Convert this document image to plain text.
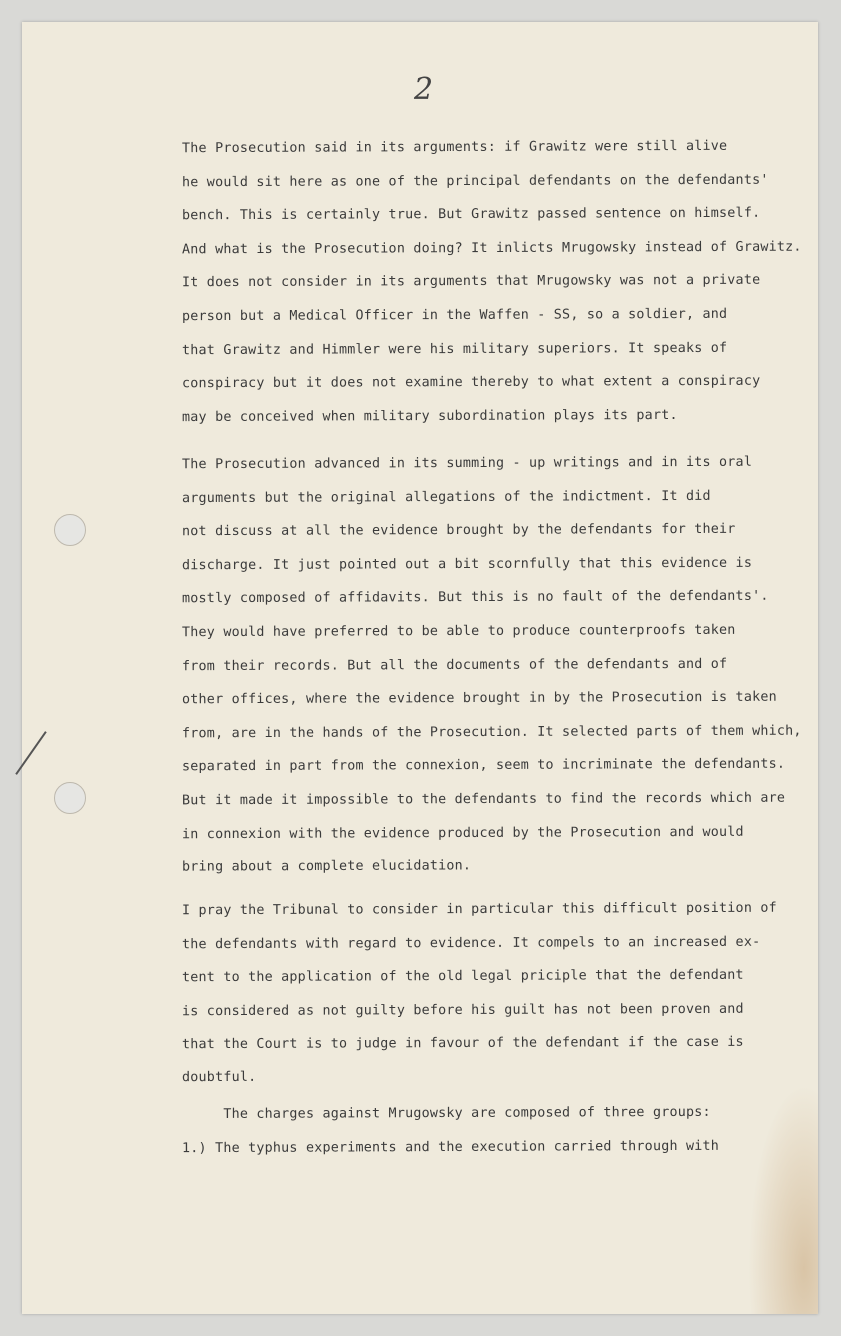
2
The Prosecution said in its arguments: if Grawitz were still alive
he would sit here as one of the principal defendants on the defendants'
bench. This is certainly true. But Grawitz passed sentence on himself.
And what is the Prosecution doing? It inlicts Mrugowsky instead of Grawitz.
It does not consider in its arguments that Mrugowsky was not a private
person but a Medical Officer in the Waffen - SS, so a soldier, and
that Grawitz and Himmler were his military superiors. It speaks of
conspiracy but it does not examine thereby to what extent a conspiracy
may be conceived when military subordination plays its part.
The Prosecution advanced in its summing - up writings and in its oral
arguments but the original allegations of the indictment. It did
not discuss at all the evidence brought by the defendants for their
discharge. It just pointed out a bit scornfully that this evidence is
mostly composed of affidavits. But this is no fault of the defendants'.
They would have preferred to be able to produce counterproofs taken
from their records. But all the documents of the defendants and of
other offices, where the evidence brought in by the Prosecution is taken
from, are in the hands of the Prosecution. It selected parts of them which,
separated in part from the connexion, seem to incriminate the defendants.
But it made it impossible to the defendants to find the records which are
in connexion with the evidence produced by the Prosecution and would
bring about a complete elucidation.
I pray the Tribunal to consider in particular this difficult position of
the defendants with regard to evidence. It compels to an increased ex-
tent to the application of the old legal priciple that the defendant
is considered as not guilty before his guilt has not been proven and
that the Court is to judge in favour of the defendant if the case is
doubtful.
The charges against Mrugowsky are composed of three groups:
1.) The typhus experiments and the execution carried through with
